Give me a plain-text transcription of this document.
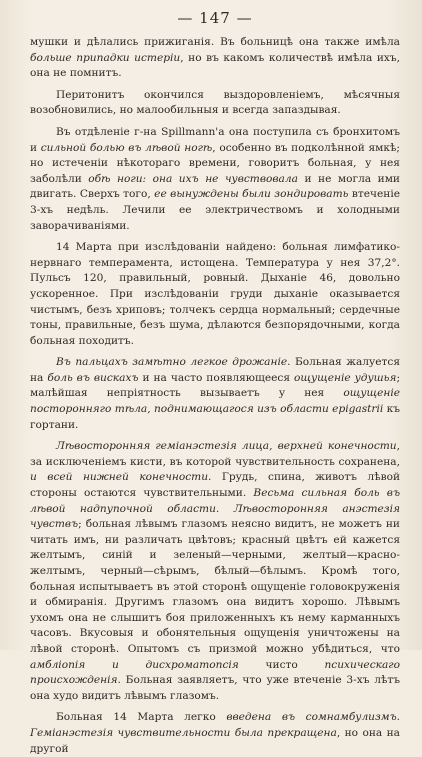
— 147 —

мушки и дѣлались прижиганія. Въ больницѣ она также имѣла больше припадки истеріи, но въ какомъ количествѣ имѣла ихъ, она не помнитъ.

Перитонитъ окончился выздоровленіемъ, мѣсячныя возобновились, но малообильныя и всегда запаздывая.

Въ отдѣленіе г-на Spillmann'а она поступила съ бронхитомъ и сильной болью въ лѣвой ногѣ, особенно въ подколѣнной ямкѣ; но истеченіи нѣкотораго времени, говоритъ больная, у нея заболѣли обѣ ноги: она ихъ не чувствовала и не могла ими двигать. Сверхъ того, ее вынуждены были зондировать втеченіе 3-хъ недѣль. Лечили ее электричествомъ и холодными заворачиваніями.

14 Марта при изслѣдованіи найдено: больная лимфатико-нервнаго темперамента, истощена. Температура у нея 37,2°. Пульсъ 120, правильный, ровный. Дыханіе 46, довольно ускоренное. При изслѣдованіи груди дыханіе оказывается чистымъ, безъ хриповъ; толчекъ сердца нормальный; сердечные тоны, правильные, безъ шума, дѣлаются безпорядочными, когда больная походитъ.

Въ пальцахъ замѣтно легкое дрожаніе. Больная жалуется на боль въ вискахъ и на часто появляющееся ощущеніе удушья; малѣйшая непріятность вызываетъ у нея ощущеніе посторонняго тѣла, поднимающагося изъ области epigastrii къ гортани.

Лѣвосторонняя геміанэстезія лица, верхней конечности, за исключеніемъ кисти, въ которой чувствительность сохранена, и всей нижней конечности. Грудь, спина, животъ лѣвой стороны остаются чувствительными. Весьма сильная боль въ лѣвой надпупочной области. Лѣвосторонняя анэстезія чувствъ; больная лѣвымъ глазомъ неясно видитъ, не можетъ ни читать имъ, ни различать цвѣтовъ; красный цвѣтъ ей кажется желтымъ, синій и зеленый—черными, желтый—красно-желтымъ, черный—сѣрымъ, бѣлый—бѣлымъ. Кромѣ того, больная испытываетъ въ этой сторонѣ ощущеніе головокруженія и обмиранія. Другимъ глазомъ она видитъ хорошо. Лѣвымъ ухомъ она не слышитъ боя приложенныхъ къ нему карманныхъ часовъ. Вкусовыя и обонятельныя ощущенія уничтожены на лѣвой сторонѣ. Опытомъ съ призмой можно убѣдиться, что амбліопія и дисхроматопсія чисто психическаго происхожденія. Больная заявляетъ, что уже втеченіе 3-хъ лѣтъ она худо видитъ лѣвымъ глазомъ.

Больная 14 Марта легко введена въ сомнамбулизмъ. Геміанэстезія чувствительности была прекращена, но она на другой
